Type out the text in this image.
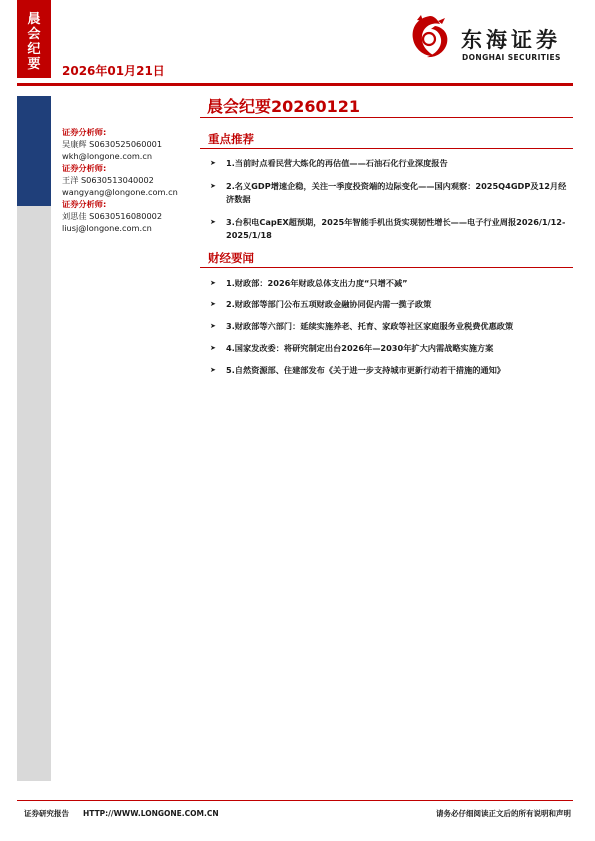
晨
会
纪
要	2026年01月21日
东海证券
DONGHAI SECURITIES
晨会纪要20260121
证券分析师:
吴康辉 S0630525060001
wkh@longone.com.cn
证券分析师:
王洋 S0630513040002
wangyang@longone.com.cn
证券分析师:
刘思佳 S0630516080002
liusj@longone.com.cn
重点推荐
➤	1.当前时点看民营大炼化的再估值——石油石化行业深度报告
➤	2.名义GDP增速企稳，关注一季度投资端的边际变化——国内观察：2025Q4GDP及12月经济数据
➤	3.台积电CapEX超预期，2025年智能手机出货实现韧性增长——电子行业周报2026/1/12-2025/1/18
财经要闻
➤	1.财政部：2026年财政总体支出力度“只增不减”
➤	2.财政部等部门公布五项财政金融协同促内需一揽子政策
➤	3.财政部等六部门：延续实施养老、托育、家政等社区家庭服务业税费优惠政策
➤	4.国家发改委：将研究制定出台2026年—2030年扩大内需战略实施方案
➤	5.自然资源部、住建部发布《关于进一步支持城市更新行动若干措施的通知》
证券研究报告 HTTP://WWW.LONGONE.COM.CN	请务必仔细阅读正文后的所有说明和声明
